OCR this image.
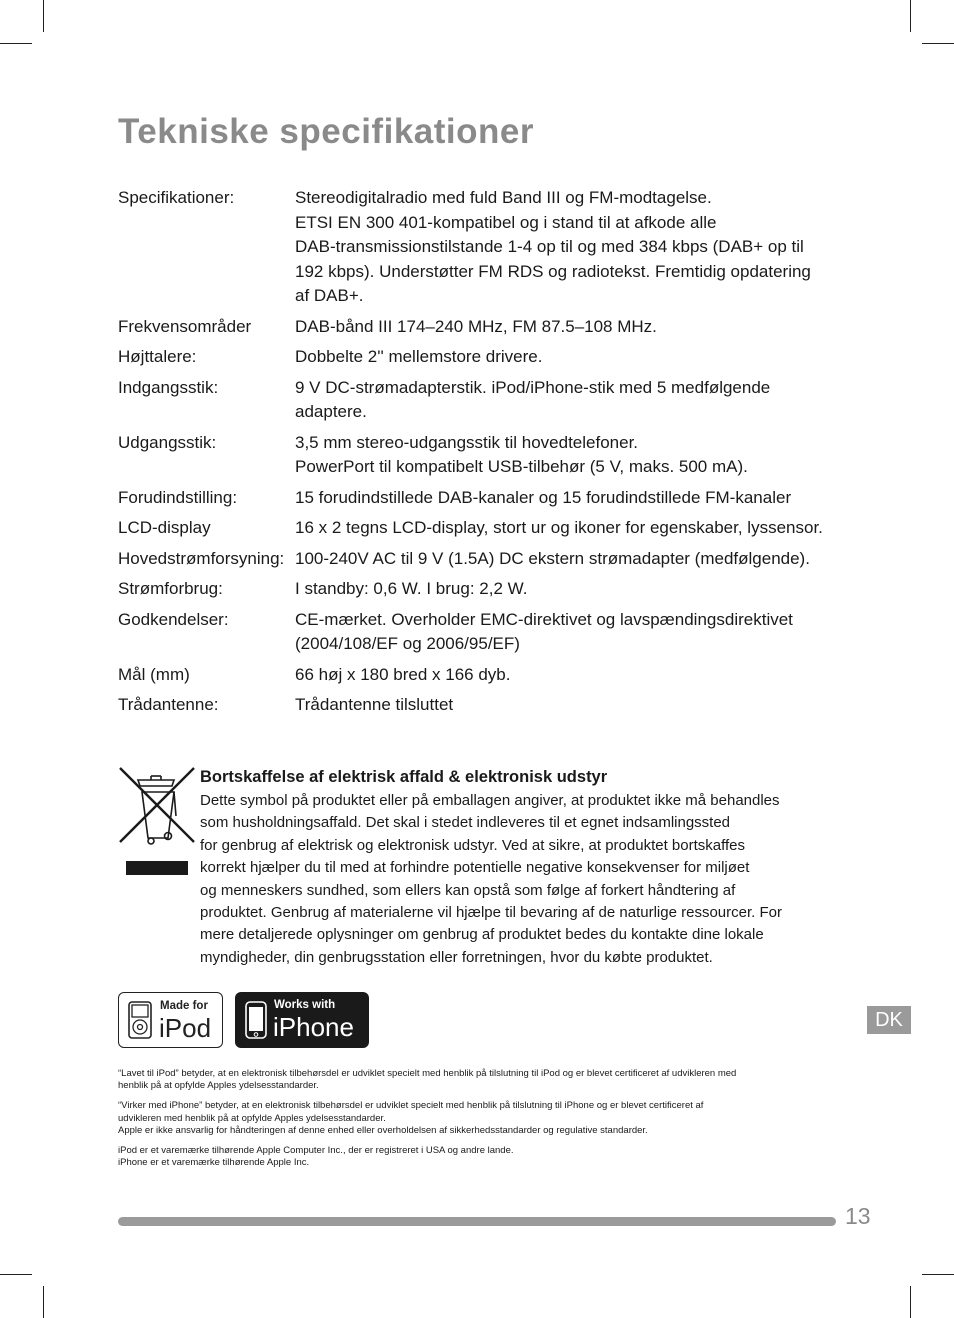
Tekniske specifikationer
Specifikationer:	Stereodigitalradio med fuld Band III og FM-modtagelse.
ETSI EN 300 401-kompatibel og i stand til at afkode alle
DAB-transmissionstilstande 1-4 op til og med 384 kbps (DAB+ op til
192 kbps). Understøtter FM RDS og radiotekst. Fremtidig opdatering
af DAB+.
Frekvensområder	DAB-bånd III 174–240 MHz, FM 87.5–108 MHz.
Højttalere:	Dobbelte 2'' mellemstore drivere.
Indgangsstik:	9 V DC-strømadapterstik. iPod/iPhone-stik med 5 medfølgende
adaptere.
Udgangsstik:	3,5 mm stereo-udgangsstik til hovedtelefoner.
PowerPort til kompatibelt USB-tilbehør (5 V, maks. 500 mA).
Forudindstilling:	15 forudindstillede DAB-kanaler og 15 forudindstillede FM-kanaler
LCD-display	16 x 2 tegns LCD-display, stort ur og ikoner for egenskaber, lyssensor.
Hovedstrømforsyning: 100-240V AC til 9 V (1.5A) DC ekstern strømadapter (medfølgende).
Strømforbrug:	I standby: 0,6 W. I brug: 2,2 W.
Godkendelser:	CE-mærket. Overholder EMC-direktivet og lavspændingsdirektivet
(2004/108/EF og 2006/95/EF)
Mål (mm)	66 høj x 180 bred x 166 dyb.
Trådantenne:	Trådantenne tilsluttet
Bortskaffelse af elektrisk affald & elektronisk udstyr
Dette symbol på produktet eller på emballagen angiver, at produktet ikke må behandles
som husholdningsaffald. Det skal i stedet indleveres til et egnet indsamlingssted
for genbrug af elektrisk og elektronisk udstyr. Ved at sikre, at produktet bortskaffes
korrekt hjælper du til med at forhindre potentielle negative konsekvenser for miljøet
og menneskers sundhed, som ellers kan opstå som følge af forkert håndtering af
produktet. Genbrug af materialerne vil hjælpe til bevaring af de naturlige ressourcer. For
mere detaljerede oplysninger om genbrug af produktet bedes du kontakte dine lokale
myndigheder, din genbrugsstation eller forretningen, hvor du købte produktet.
Made for
iPod
Works with
iPhone	DK

“Lavet til iPod” betyder, at en elektronisk tilbehørsdel er udviklet specielt med henblik på tilslutning til iPod og er blevet certificeret af udvikleren med
henblik på at opfylde Apples ydelsesstandarder.

“Virker med iPhone” betyder, at en elektronisk tilbehørsdel er udviklet specielt med henblik på tilslutning til iPhone og er blevet certificeret af
udvikleren med henblik på at opfylde Apples ydelsesstandarder.
Apple er ikke ansvarlig for håndteringen af denne enhed eller overholdelsen af sikkerhedsstandarder og regulative standarder.

iPod er et varemærke tilhørende Apple Computer Inc., der er registreret i USA og andre lande.
iPhone er et varemærke tilhørende Apple Inc.

13
